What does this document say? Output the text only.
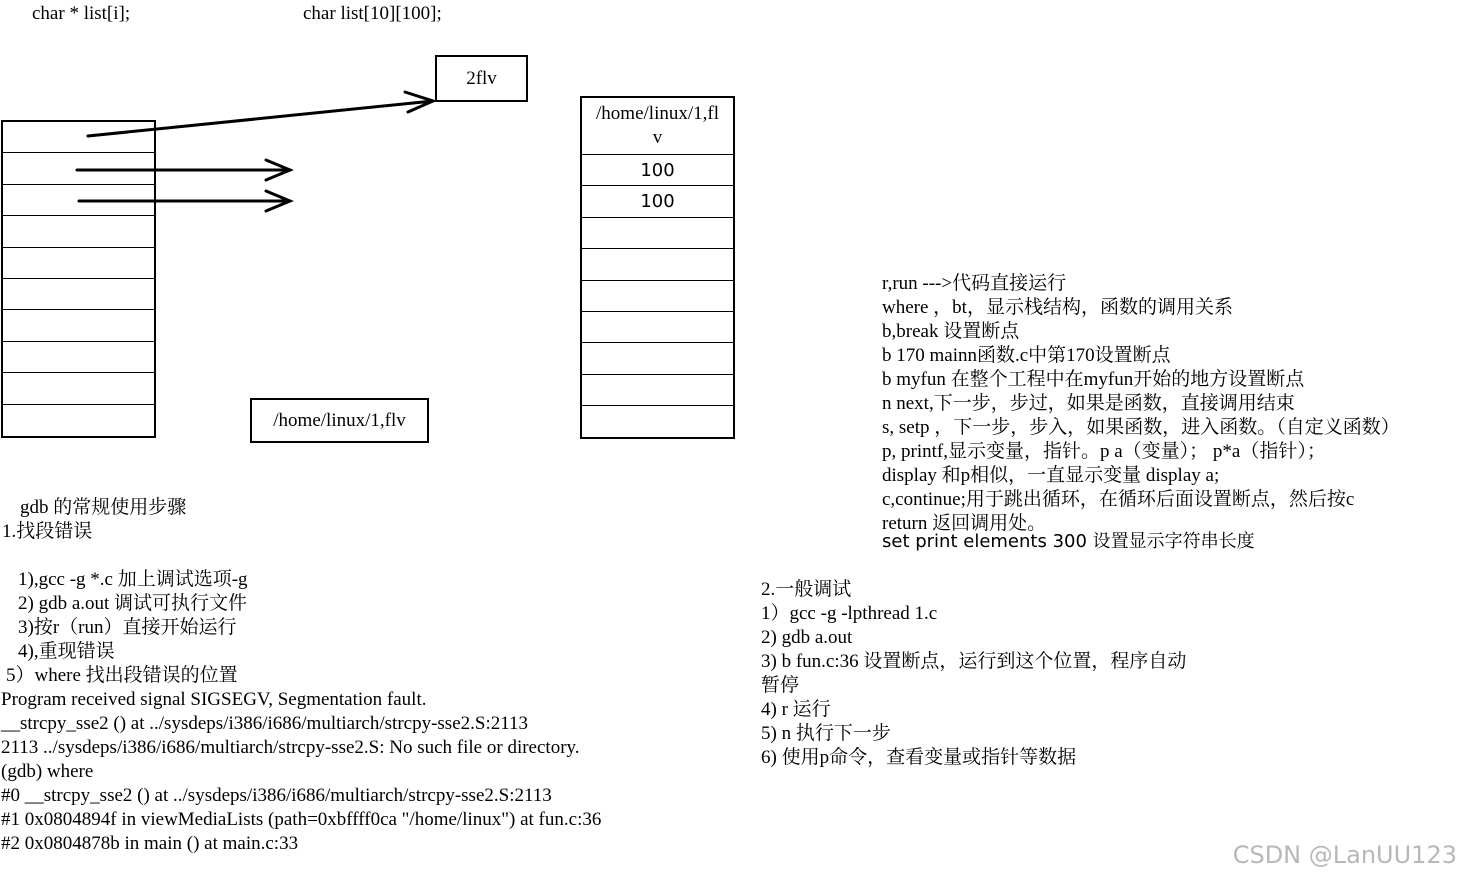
char * list[i];	char list[10][100];
2flv
/home/linux/1,flv
/home/linux/1,fl
v
100
100
gdb 的常规使用步骤
1.找段错误
1),gcc -g *.c 加上调试选项-g
2) gdb a.out 调试可执行文件
3)按r（run）直接开始运行
4),重现错误
5）where 找出段错误的位置
Program received signal SIGSEGV, Segmentation fault.
__strcpy_sse2 () at ../sysdeps/i386/i686/multiarch/strcpy-sse2.S:2113
2113 ../sysdeps/i386/i686/multiarch/strcpy-sse2.S: No such file or directory.
(gdb) where
#0 __strcpy_sse2 () at ../sysdeps/i386/i686/multiarch/strcpy-sse2.S:2113
#1 0x0804894f in viewMediaLists (path=0xbffff0ca "/home/linux") at fun.c:36
#2 0x0804878b in main () at main.c:33
r,run --->代码直接运行
where ，bt，显示栈结构，函数的调用关系
b,break 设置断点
b 170 mainn函数.c中第170设置断点
b myfun 在整个工程中在myfun开始的地方设置断点
n next,下一步，步过，如果是函数，直接调用结束
s, setp ，下一步，步入，如果函数，进入函数。（自定义函数）
p, printf,显示变量，指针。p a（变量）； p*a（指针）；
display 和p相似，一直显示变量 display a;
c,continue;用于跳出循环，在循环后面设置断点，然后按c
return 返回调用处。
set print elements 300 设置显示字符串长度
2.一般调试
1）gcc -g -lpthread 1.c
2) gdb a.out
3) b fun.c:36 设置断点，运行到这个位置，程序自动
暂停
4) r 运行
5) n 执行下一步
6) 使用p命令，查看变量或指针等数据
CSDN @LanUU123
